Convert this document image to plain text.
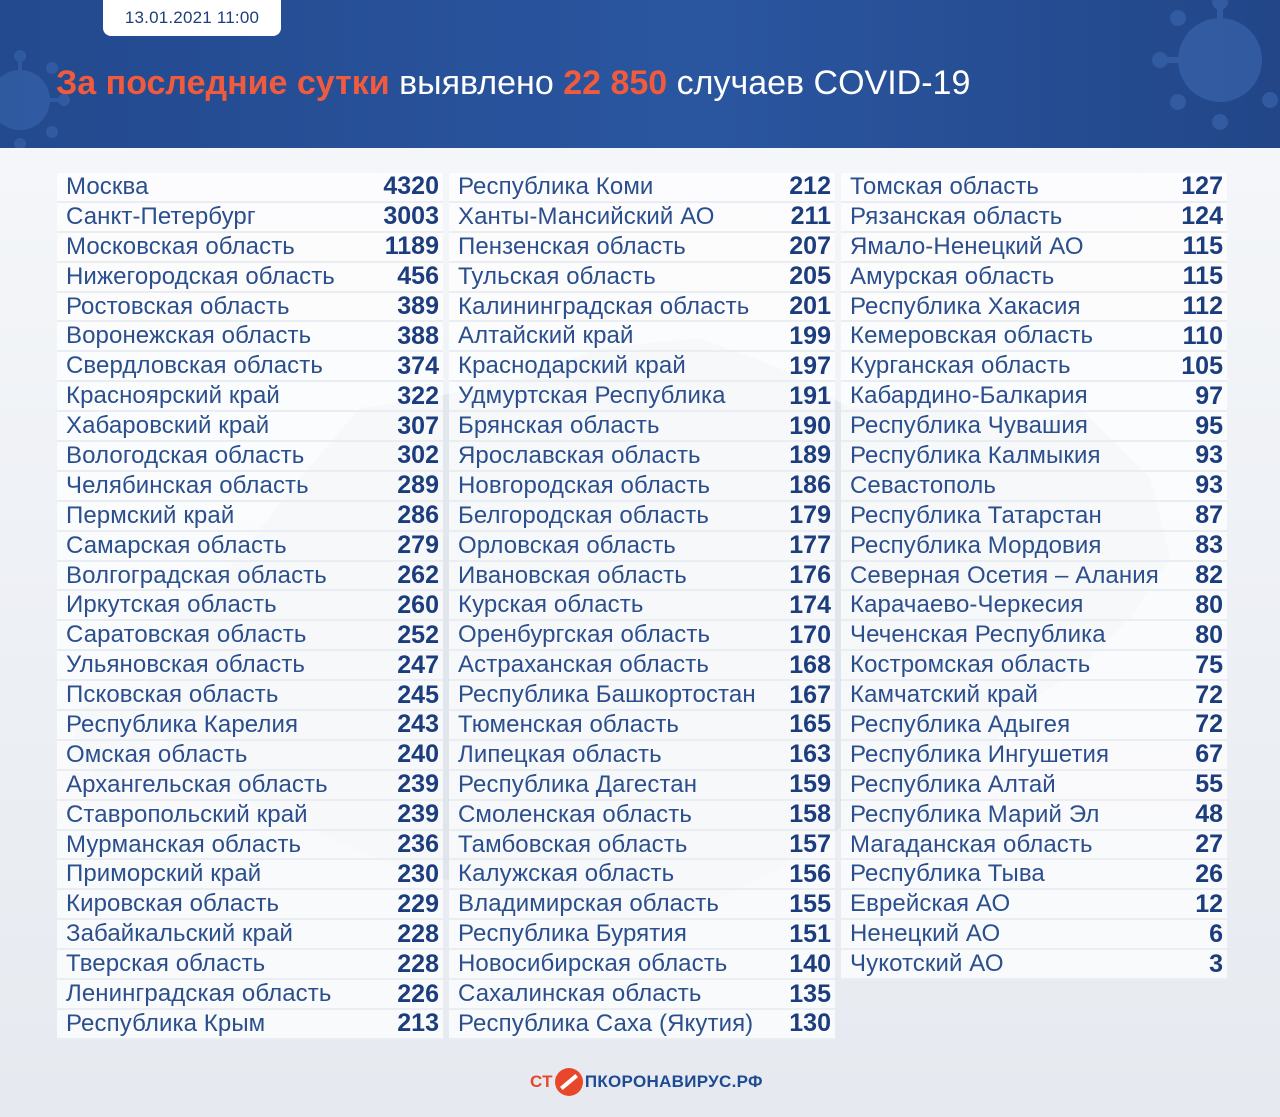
13.01.2021 11:00
За последние сутки выявлено 22 850 случаев COVID-19
Москва	4320
Санкт-Петербург	3003
Московская область	1189
Нижегородская область 456
Ростовская область	389
Воронежская область	388
Свердловская область	374
Красноярский край	322
Хабаровский край	307
Вологодская область	302
Челябинская область	289
Пермский край	286
Самарская область	279
Волгоградская область	262
Иркутская область	260
Саратовская область	252
Ульяновская область	247
Псковская область	245
Республика Карелия	243
Омская область	240
Архангельская область	239
Ставропольский край	239
Мурманская область	236
Приморский край	230
Кировская область	229
Забайкальский край	228
Тверская область	228
Ленинградская область	226
Республика Крым	213
Республика Коми	212
Ханты-Мансийский АО	211
Пензенская область	207
Тульская область	205
Калининградская область 201
Алтайский край	199
Краснодарский край	197
Удмуртская Республика	191
Брянская область	190
Ярославская область	189
Новгородская область	186
Белгородская область	179
Орловская область	177
Ивановская область	176
Курская область	174
Оренбургская область	170
Астраханская область	168
Республика Башкортостан 167
Тюменская область	165
Липецкая область	163
Республика Дагестан	159
Смоленская область	158
Тамбовская область	157
Калужская область	156
Владимирская область	155
Республика Бурятия	151
Новосибирская область 140
Сахалинская область	135
Республика Саха (Якутия) 130
Томская область	127
Рязанская область	124
Ямало-Ненецкий АО	115
Амурская область	115
Республика Хакасия	112
Кемеровская область	110
Курганская область	105
Кабардино-Балкария	97
Республика Чувашия	95
Республика Калмыкия	93
Севастополь	93
Республика Татарстан	87
Республика Мордовия	83
Северная Осетия – Алания 82
Карачаево-Черкесия	80
Чеченская Республика	80
Костромская область	75
Камчатский край	72
Республика Адыгея	72
Республика Ингушетия	67
Республика Алтай	55
Республика Марий Эл	48
Магаданская область	27
Республика Тыва	26
Еврейская АО	12
Ненецкий АО	6
Чукотский АО	3
СТ ПКОРОНАВИРУС.РФ
